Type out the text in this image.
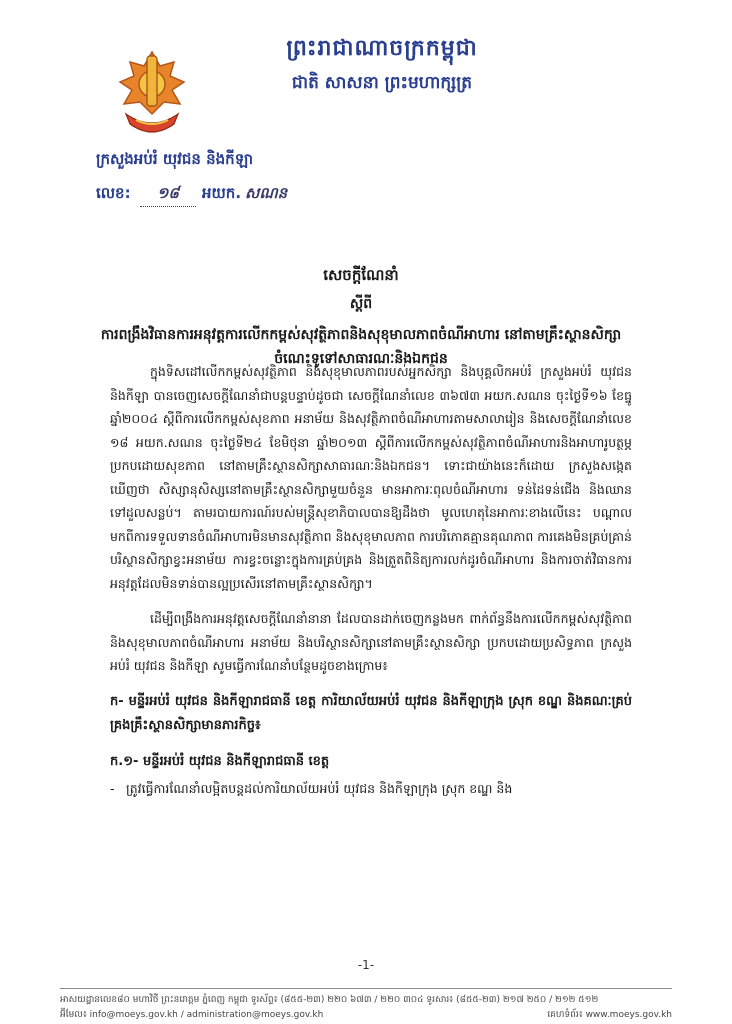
ព្រះរាជាណាចក្រកម្ពុជា
ជាតិ សាសនា ព្រះមហាក្សត្រ
ក្រសួងអប់រំ យុវជន និងកីឡា
លេខ:	១៨	អយក. សណន
សេចក្តីណែនាំ
ស្តីពី
ការពង្រឹងវិធានការអនុវត្តការលើកកម្ពស់សុវត្ថិភាពនិងសុខុមាលភាពចំណីអាហារ នៅតាមគ្រឹះស្ថានសិក្សាចំណេះទូទៅសាធារណៈនិងឯកជន

ក្នុងទិសដៅលើកកម្ពស់សុវត្ថិភាព និងសុខុមាលភាពរបស់អ្នកសិក្សា និងបុគ្គលិកអប់រំ ក្រសួងអប់រំ យុវជន និងកីឡា បានចេញសេចក្តីណែនាំជាបន្តបន្ទាប់ដូចជា សេចក្តីណែនាំលេខ ៣៦៧៣ អយក.សណន ចុះថ្ងៃទី១៦ ខែធ្នូ ឆ្នាំ២០០៤ ស្តីពីការលើកកម្ពស់សុខភាព អនាម័យ និងសុវត្ថិភាពចំណីអាហារតាមសាលារៀន និងសេចក្តីណែនាំលេខ ១៨ អយក.សណន ចុះថ្ងៃទី២៤ ខែមិថុនា ឆ្នាំ២០១៣ ស្តីពីការលើកកម្ពស់សុវត្ថិភាពចំណីអាហារនិងអាហារូបត្ថម្ភប្រកបដោយសុខភាព នៅតាមគ្រឹះស្ថានសិក្សាសាធារណៈនិងឯកជន។ ទោះជាយ៉ាងនេះក៏ដោយ ក្រសួងសង្កេតឃើញថា សិស្សានុសិស្សនៅតាមគ្រឹះស្ថានសិក្សាមួយចំនួន មានអាការៈពុលចំណីអាហារ ទន់ដៃទន់ជើង និងឈានទៅដួលសន្លប់។ តាមរបាយការណ៍របស់មន្ត្រីសុខាភិបាលបានឱ្យដឹងថា មូលហេតុនៃអាការៈខាងលើនេះ បណ្តាលមកពីការទទួលទានចំណីអាហារមិនមានសុវត្ថិភាព និងសុខុមាលភាព ការបរិភោគគ្មានគុណភាព ការគេងមិនគ្រប់គ្រាន់ បរិស្ថានសិក្សាខ្វះអនាម័យ ការខ្វះចន្លោះក្នុងការគ្រប់គ្រង និងត្រួតពិនិត្យការលក់ដូរចំណីអាហារ និងការចាត់វិធានការអនុវត្តដែលមិនទាន់បានល្អប្រសើរនៅតាមគ្រឹះស្ថានសិក្សា។

ដើម្បីពង្រឹងការអនុវត្តសេចក្តីណែនាំនានា ដែលបានដាក់ចេញកន្លងមក ពាក់ព័ន្ធនឹងការលើកកម្ពស់សុវត្ថិភាព និងសុខុមាលភាពចំណីអាហារ អនាម័យ និងបរិស្ថានសិក្សានៅតាមគ្រឹះស្ថានសិក្សា ប្រកបដោយប្រសិទ្ធភាព ក្រសួងអប់រំ យុវជន និងកីឡា សូមធ្វើការណែនាំបន្ថែមដូចខាងក្រោម៖

ក- មន្ទីរអប់រំ យុវជន និងកីឡារាជធានី ខេត្ត ការិយាល័យអប់រំ យុវជន និងកីឡាក្រុង ស្រុក ខណ្ឌ និងគណៈគ្រប់គ្រងគ្រឹះស្ថានសិក្សាមានភារកិច្ច៖

ក.១- មន្ទីរអប់រំ យុវជន និងកីឡារាជធានី ខេត្ត

- ត្រូវធ្វើការណែនាំលម្អិតបន្តដល់ការិយាល័យអប់រំ យុវជន និងកីឡាក្រុង ស្រុក ខណ្ឌ និង

-1-
អាសយដ្ឋានលេខ៨០ មហាវិថី ព្រះនរោត្តម ភ្នំពេញ កម្ពុជា ទូរស័ព្ទ៖ (៨៥៥-២៣) ២២០ ៦៧៣ / ២២០ ៣០៤ ទូរសារ៖ (៨៥៥-២៣) ២១៧ ២៥០ / ២១២ ៥១២
អ៊ីមែល៖ info@moeys.gov.kh / administration@moeys.gov.kh	គេហទំព័រ៖ www.moeys.gov.kh
